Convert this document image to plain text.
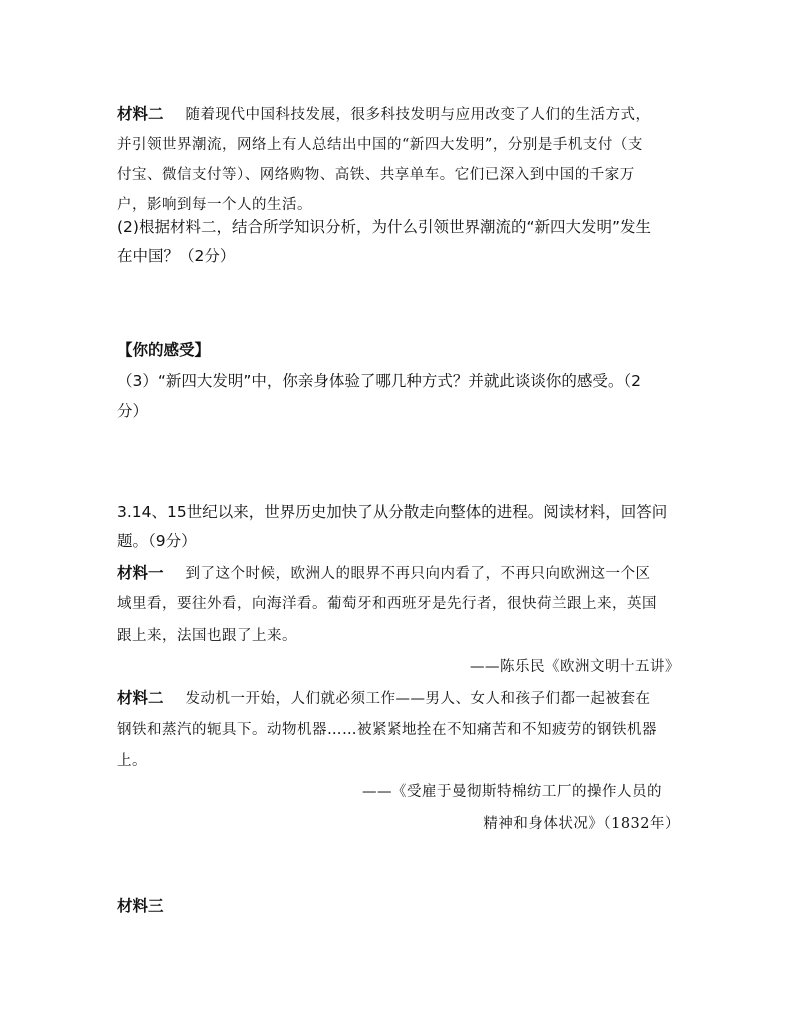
材料二 随着现代中国科技发展，很多科技发明与应用改变了人们的生活方式，
并引领世界潮流，网络上有人总结出中国的“新四大发明”，分别是手机支付（支
付宝、微信支付等）、网络购物、高铁、共享单车。它们已深入到中国的千家万
户，影响到每一个人的生活。
(2)根据材料二，结合所学知识分析，为什么引领世界潮流的“新四大发明”发生
在中国？（2分）
【你的感受】
（3）“新四大发明”中，你亲身体验了哪几种方式？并就此谈谈你的感受。（2
分）
3.14、15世纪以来，世界历史加快了从分散走向整体的进程。阅读材料，回答问
题。（9分）
材料一 到了这个时候，欧洲人的眼界不再只向内看了，不再只向欧洲这一个区
域里看，要往外看，向海洋看。葡萄牙和西班牙是先行者，很快荷兰跟上来，英国
跟上来，法国也跟了上来。
——陈乐民《欧洲文明十五讲》
材料二 发动机一开始，人们就必须工作——男人、女人和孩子们都一起被套在
钢铁和蒸汽的轭具下。动物机器……被紧紧地拴在不知痛苦和不知疲劳的钢铁机器
上。
——《受雇于曼彻斯特棉纺工厂的操作人员的
精神和身体状况》（1832年）
材料三
